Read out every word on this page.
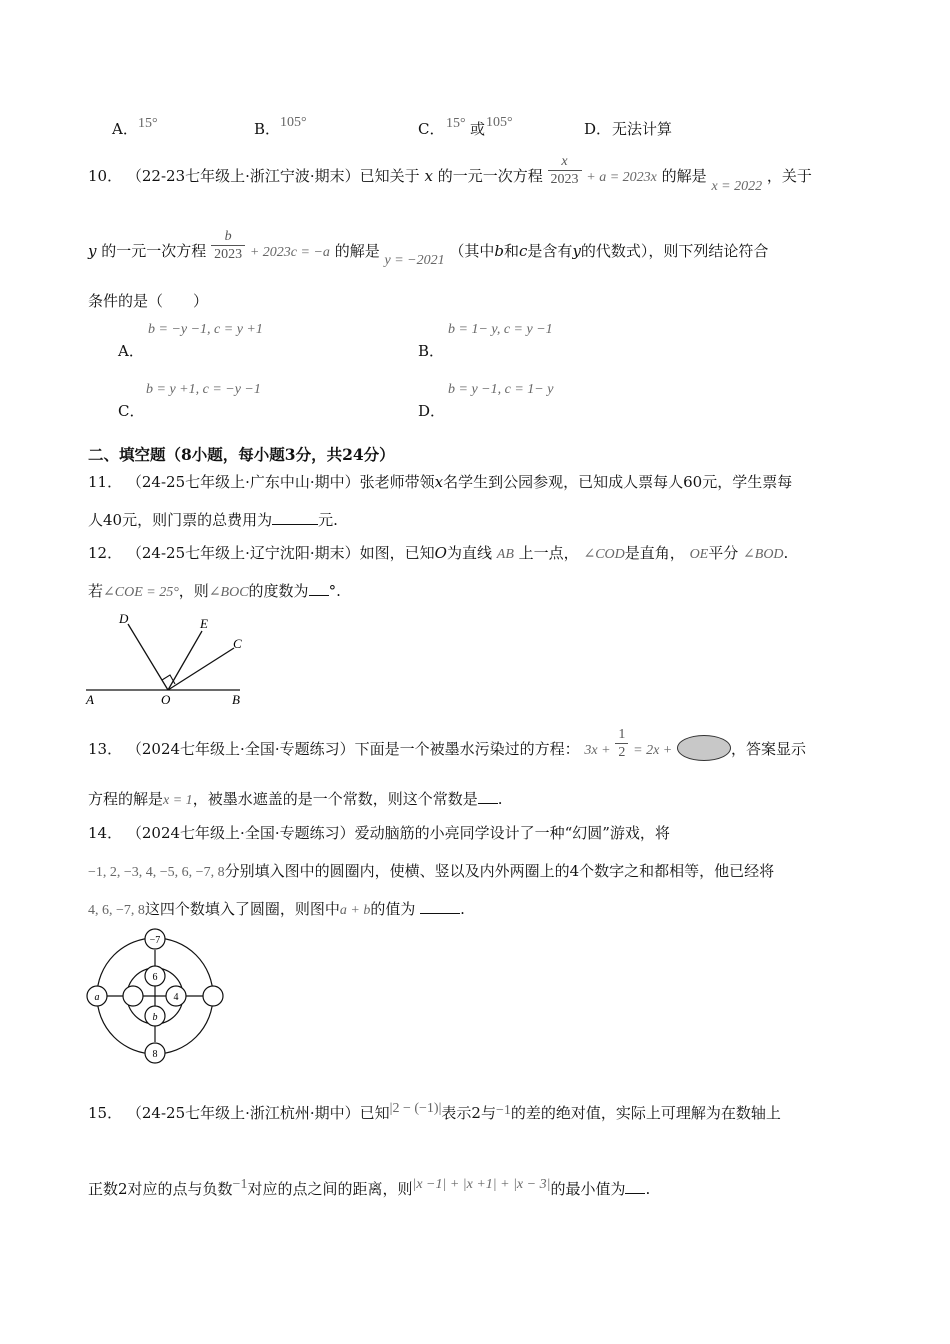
A． 15°	B． 105°	C． 15° 或 105°	D． 无法计算
10． （22-23七年级上·浙江宁波·期末）已知关于 x 的一元一次方程 $\frac{x}{2023} + a = 2023x$ 的解是 x = 2022 ，关于
y 的一元一次方程 $\frac{b}{2023} + 2023c = -a$ 的解是 y = −2021 （其中b和c是含有y的代数式），则下列结论符合
条件的是（　　）
A．
b = −y −1, c = y +1
B．
b = 1− y, c = y −1
C．
b = y +1, c = −y −1
D．
b = y −1, c = 1− y
二、填空题（8小题，每小题3分，共24分）
11． （24-25七年级上·广东中山·期中）张老师带领x名学生到公园参观，已知成人票每人60元，学生票每
人40元，则门票的总费用为	元.
12． （24-25七年级上·辽宁沈阳·期末）如图，已知O为直线 AB 上一点， ∠COD是直角， OE平分 ∠BOD.
若∠COE = 25°，则∠BOC的度数为 °.
D	E
C
A	O	B
13． （2024七年级上·全国·专题练习）下面是一个被墨水污染过的方程： $3x + \frac{1}{2} = 2x$ +	，答案显示
方程的解是x = 1，被墨水遮盖的是一个常数，则这个常数是 .
14． （2024七年级上·全国·专题练习）爱动脑筋的小亮同学设计了一种“幻圆”游戏，将
−1, 2, −3, 4, −5, 6, −7, 8分别填入图中的圆圈内，使横、竖以及内外两圈上的4个数字之和都相等，他已经将
4, 6, −7, 8这四个数填入了圆圈，则图中a + b的值为	.
−7
6
4
b
a
8
15． （24-25七年级上·浙江杭州·期中）已知|2 − (−1)|表示2与−1的差的绝对值，实际上可理解为在数轴上
正数2对应的点与负数−1对应的点之间的距离，则|x −1| + |x +1| + |x − 3|的最小值为 .
